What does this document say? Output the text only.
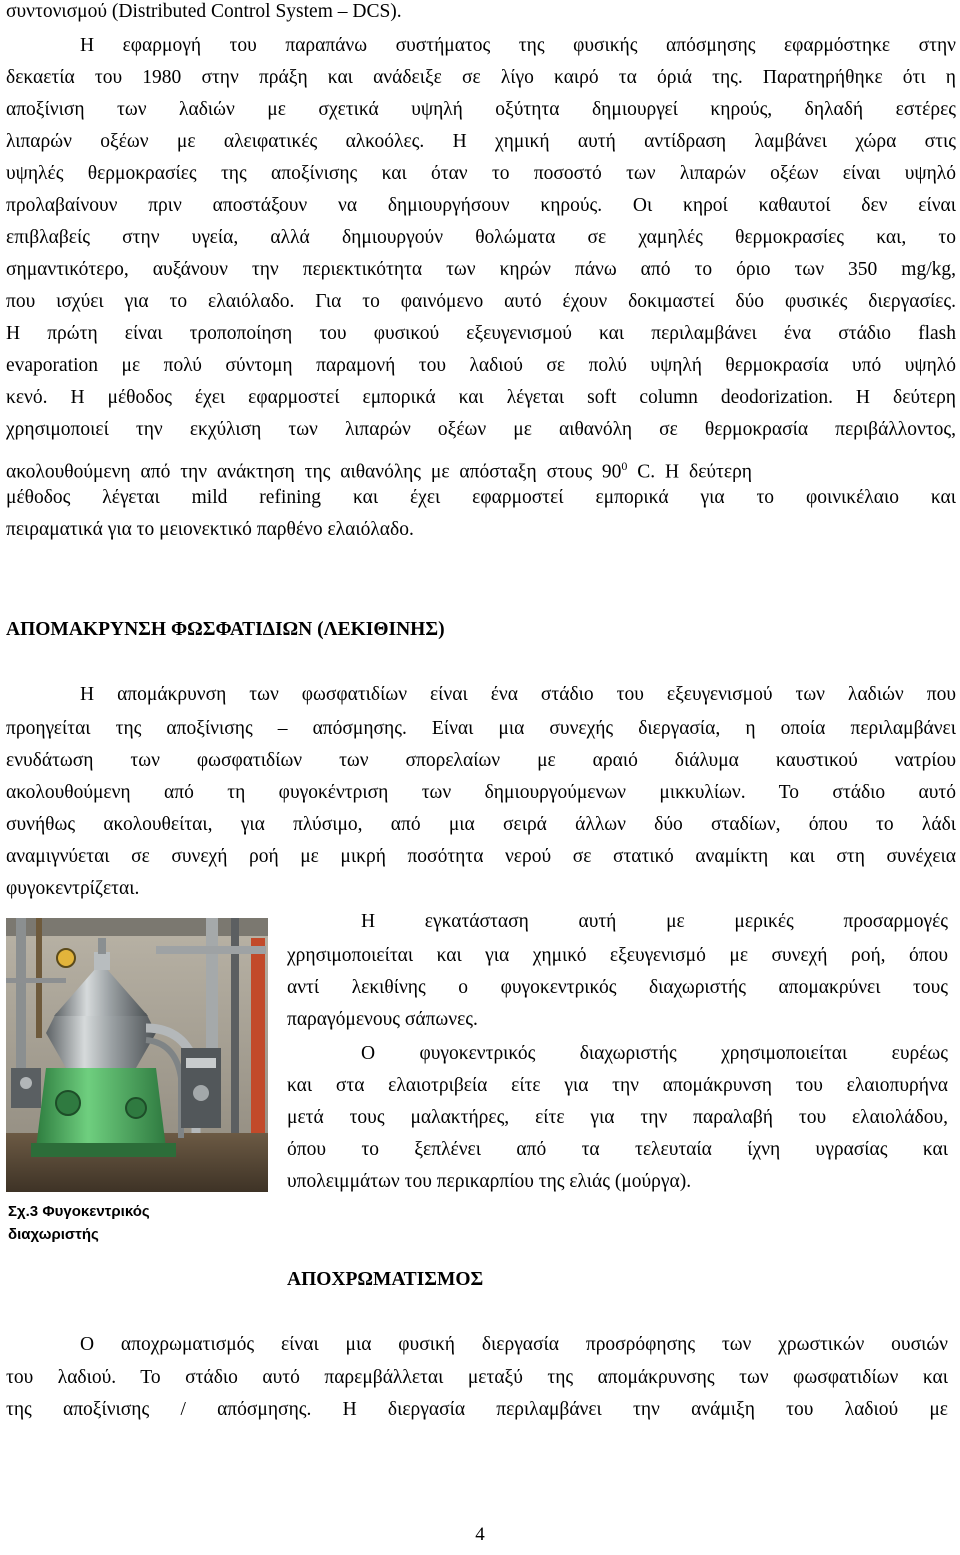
συντονισμού (Distributed Control System – DCS).
Η εφαρμογή του παραπάνω συστήματος της φυσικής απόσμησης εφαρμόστηκε στην
δεκαετία του 1980 στην πράξη και ανάδειξε σε λίγο καιρό τα όριά της. Παρατηρήθηκε ότι η
αποξίνιση των λαδιών με σχετικά υψηλή οξύτητα δημιουργεί κηρούς, δηλαδή εστέρες
λιπαρών οξέων με αλειφατικές αλκοόλες. Η χημική αυτή αντίδραση λαμβάνει χώρα στις
υψηλές θερμοκρασίες της αποξίνισης και όταν το ποσοστό των λιπαρών οξέων είναι υψηλό
προλαβαίνουν πριν αποστάξουν να δημιουργήσουν κηρούς. Οι κηροί καθαυτοί δεν είναι
επιβλαβείς στην υγεία, αλλά δημιουργούν θολώματα σε χαμηλές θερμοκρασίες και, το
σημαντικότερο, αυξάνουν την περιεκτικότητα των κηρών πάνω από το όριο των 350 mg/kg,
που ισχύει για το ελαιόλαδο. Για το φαινόμενο αυτό έχουν δοκιμαστεί δύο φυσικές διεργασίες.
Η πρώτη είναι τροποποίηση του φυσικού εξευγενισμού και περιλαμβάνει ένα στάδιο flash
evaporation με πολύ σύντομη παραμονή του λαδιού σε πολύ υψηλή θερμοκρασία υπό υψηλό
κενό. Η μέθοδος έχει εφαρμοστεί εμπορικά και λέγεται soft column deodorization. Η δεύτερη
χρησιμοποιεί την εκχύλιση των λιπαρών οξέων με αιθανόλη σε θερμοκρασία περιβάλλοντος,
ακολουθούμενη από την ανάκτηση της αιθανόλης με απόσταξη στους $90^0$ C. Η δεύτερη
μέθοδος λέγεται mild refining και έχει εφαρμοστεί εμπορικά για το φοινικέλαιο και
πειραματικά για το μειονεκτικό παρθένο ελαιόλαδο.
ΑΠΟΜΑΚΡΥΝΣΗ ΦΩΣΦΑΤΙΔΙΩΝ (ΛΕΚΙΘΙΝΗΣ)
Η απομάκρυνση των φωσφατιδίων είναι ένα στάδιο του εξευγενισμού των λαδιών που
προηγείται της αποξίνισης – απόσμησης. Είναι μια συνεχής διεργασία, η οποία περιλαμβάνει
ενυδάτωση των φωσφατιδίων των σπορελαίων με αραιό διάλυμα καυστικού νατρίου
ακολουθούμενη από τη φυγοκέντριση των δημιουργούμενων μικκυλίων. Το στάδιο αυτό
συνήθως ακολουθείται, για πλύσιμο, από μια σειρά άλλων δύο σταδίων, όπου το λάδι
αναμιγνύεται σε συνεχή ροή με μικρή ποσότητα νερού σε στατικό αναμίκτη και στη συνέχεια
φυγοκεντρίζεται.
Σχ.3 Φυγοκεντρικός
διαχωριστής
Η εγκατάσταση αυτή με μερικές προσαρμογές
χρησιμοποιείται και για χημικό εξευγενισμό με συνεχή ροή, όπου
αντί λεκιθίνης ο φυγοκεντρικός διαχωριστής απομακρύνει τους
παραγόμενους σάπωνες.
Ο φυγοκεντρικός διαχωριστής χρησιμοποιείται ευρέως
και στα ελαιοτριβεία είτε για την απομάκρυνση του ελαιοπυρήνα
μετά τους μαλακτήρες, είτε για την παραλαβή του ελαιολάδου,
όπου το ξεπλένει από τα τελευταία ίχνη υγρασίας και
υπολειμμάτων του περικαρπίου της ελιάς (μούργα).
ΑΠΟΧΡΩΜΑΤΙΣΜΟΣ
Ο αποχρωματισμός είναι μια φυσική διεργασία προσρόφησης των χρωστικών ουσιών
του λαδιού. Το στάδιο αυτό παρεμβάλλεται μεταξύ της απομάκρυνσης των φωσφατιδίων και
της αποξίνισης / απόσμησης. Η διεργασία περιλαμβάνει την ανάμιξη του λαδιού με
4
